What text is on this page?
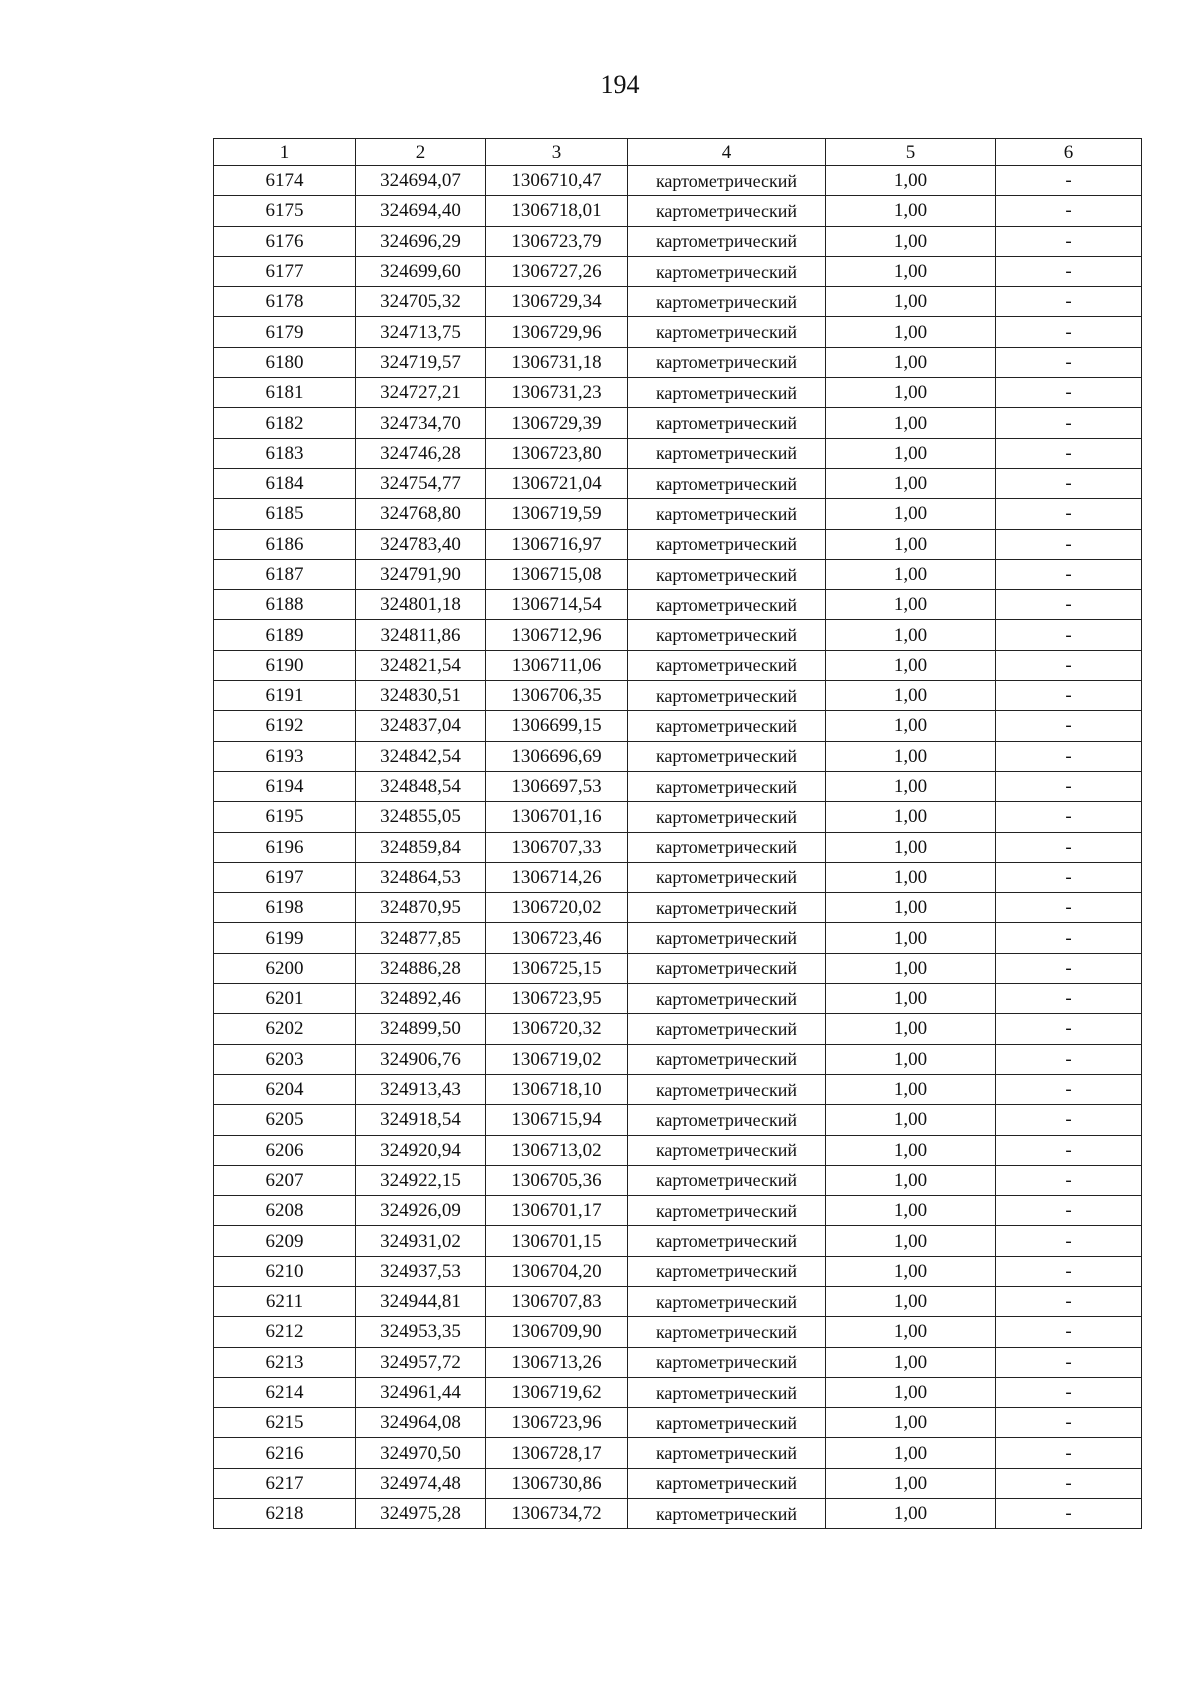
194
1	2	3	4	5	6
6174	324694,07	1306710,47	картометрический	1,00	-
6175	324694,40	1306718,01	картометрический	1,00	-
6176	324696,29	1306723,79	картометрический	1,00	-
6177	324699,60	1306727,26	картометрический	1,00	-
6178	324705,32	1306729,34	картометрический	1,00	-
6179	324713,75	1306729,96	картометрический	1,00	-
6180	324719,57	1306731,18	картометрический	1,00	-
6181	324727,21	1306731,23	картометрический	1,00	-
6182	324734,70	1306729,39	картометрический	1,00	-
6183	324746,28	1306723,80	картометрический	1,00	-
6184	324754,77	1306721,04	картометрический	1,00	-
6185	324768,80	1306719,59	картометрический	1,00	-
6186	324783,40	1306716,97	картометрический	1,00	-
6187	324791,90	1306715,08	картометрический	1,00	-
6188	324801,18	1306714,54	картометрический	1,00	-
6189	324811,86	1306712,96	картометрический	1,00	-
6190	324821,54	1306711,06	картометрический	1,00	-
6191	324830,51	1306706,35	картометрический	1,00	-
6192	324837,04	1306699,15	картометрический	1,00	-
6193	324842,54	1306696,69	картометрический	1,00	-
6194	324848,54	1306697,53	картометрический	1,00	-
6195	324855,05	1306701,16	картометрический	1,00	-
6196	324859,84	1306707,33	картометрический	1,00	-
6197	324864,53	1306714,26	картометрический	1,00	-
6198	324870,95	1306720,02	картометрический	1,00	-
6199	324877,85	1306723,46	картометрический	1,00	-
6200	324886,28	1306725,15	картометрический	1,00	-
6201	324892,46	1306723,95	картометрический	1,00	-
6202	324899,50	1306720,32	картометрический	1,00	-
6203	324906,76	1306719,02	картометрический	1,00	-
6204	324913,43	1306718,10	картометрический	1,00	-
6205	324918,54	1306715,94	картометрический	1,00	-
6206	324920,94	1306713,02	картометрический	1,00	-
6207	324922,15	1306705,36	картометрический	1,00	-
6208	324926,09	1306701,17	картометрический	1,00	-
6209	324931,02	1306701,15	картометрический	1,00	-
6210	324937,53	1306704,20	картометрический	1,00	-
6211	324944,81	1306707,83	картометрический	1,00	-
6212	324953,35	1306709,90	картометрический	1,00	-
6213	324957,72	1306713,26	картометрический	1,00	-
6214	324961,44	1306719,62	картометрический	1,00	-
6215	324964,08	1306723,96	картометрический	1,00	-
6216	324970,50	1306728,17	картометрический	1,00	-
6217	324974,48	1306730,86	картометрический	1,00	-
6218	324975,28	1306734,72	картометрический	1,00	-
